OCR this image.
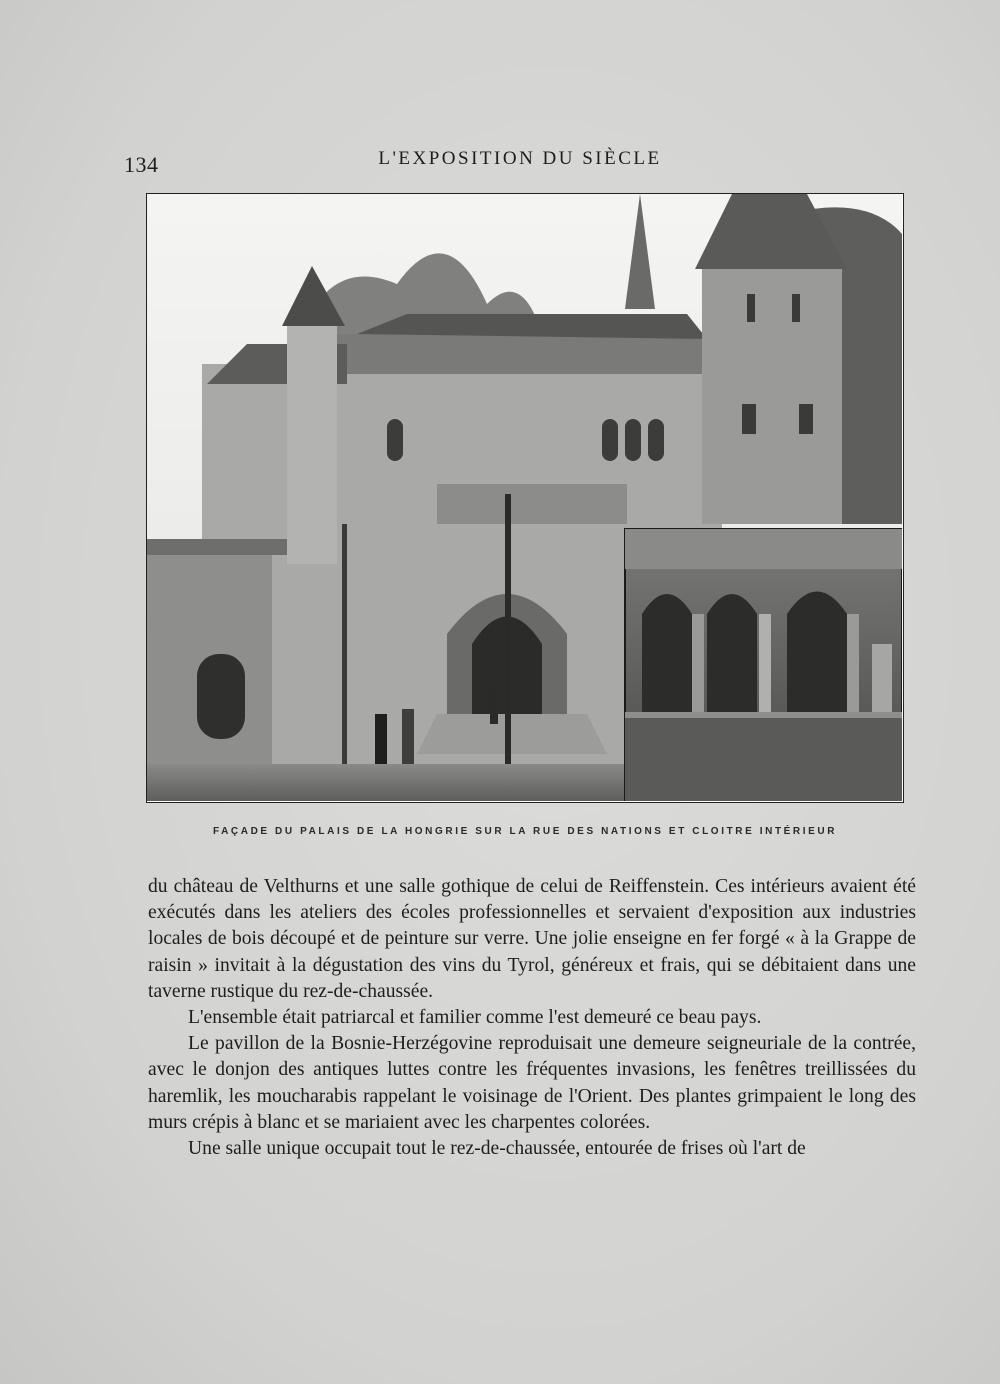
134	L'EXPOSITION DU SIÈCLE
FAÇADE DU PALAIS DE LA HONGRIE SUR LA RUE DES NATIONS ET CLOITRE INTÉRIEUR

du château de Velthurns et une salle gothique de celui de Reiffenstein. Ces intérieurs avaient été exécutés dans les ateliers des écoles professionnelles et servaient d'exposition aux industries locales de bois découpé et de peinture sur verre. Une jolie enseigne en fer forgé « à la Grappe de raisin » invitait à la dégustation des vins du Tyrol, généreux et frais, qui se débitaient dans une taverne rustique du rez-de-chaussée.

L'ensemble était patriarcal et familier comme l'est demeuré ce beau pays.

Le pavillon de la Bosnie-Herzégovine reproduisait une demeure seigneuriale de la contrée, avec le donjon des antiques luttes contre les fréquentes invasions, les fenêtres treillissées du haremlik, les moucharabis rappelant le voisinage de l'Orient. Des plantes grimpaient le long des murs crépis à blanc et se mariaient avec les charpentes colorées.

Une salle unique occupait tout le rez-de-chaussée, entourée de frises où l'art de
